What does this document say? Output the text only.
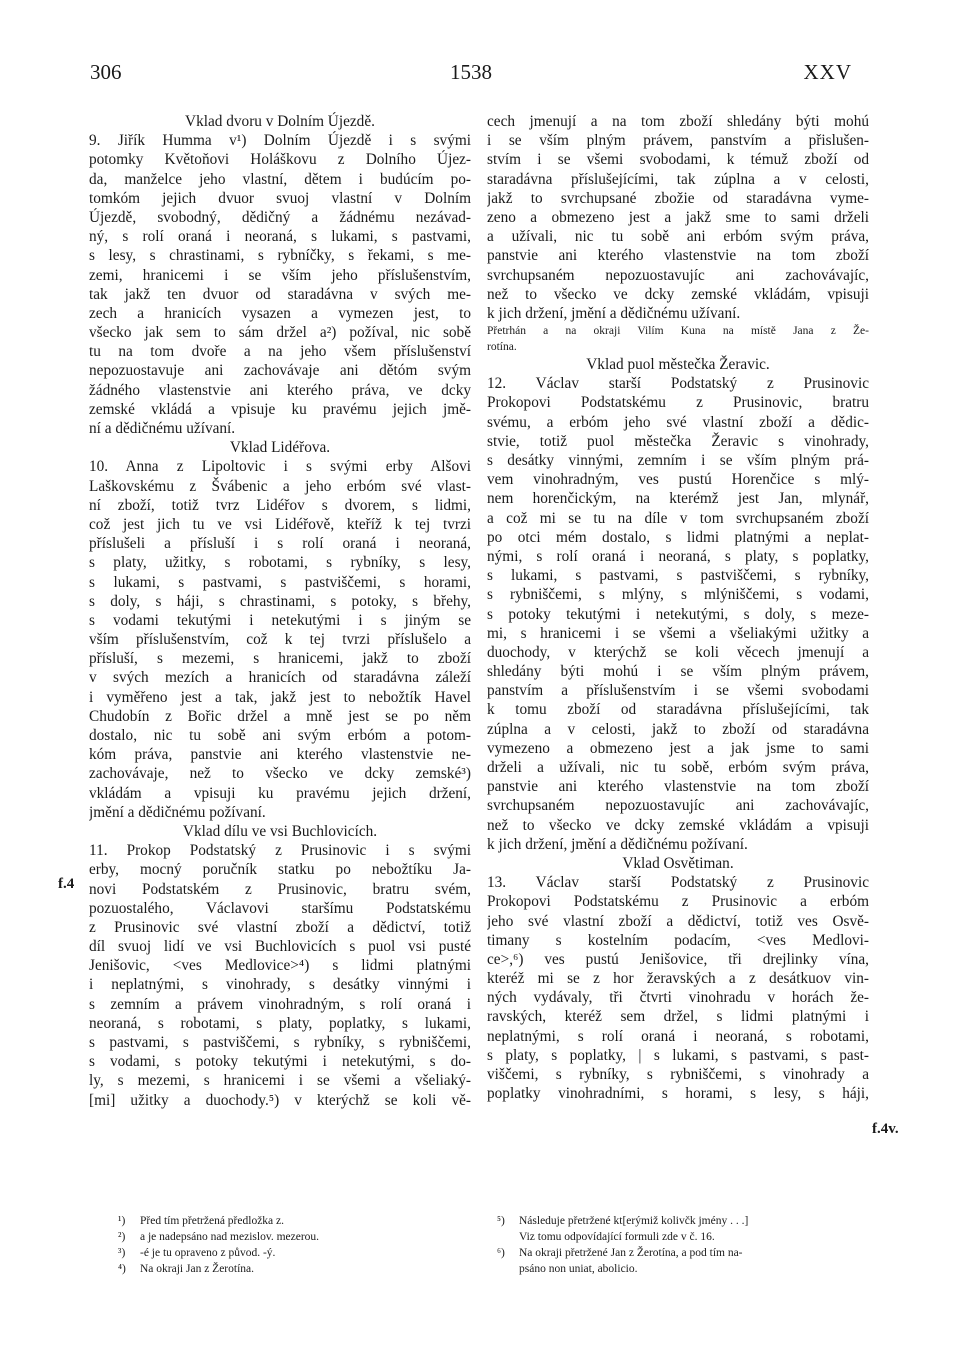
306	1538	XXV
Vklad dvoru v Dolním Újezdě.
9. Jiřík Humma v¹) Dolním Újezdě i s svými
potomky Květoňovi Holáškovu z Dolního Újez-
da, manželce jeho vlastní, dětem i budúcím po-
tomkóm jejich dvuor svuoj vlastní v Dolním
Újezdě, svobodný, dědičný a žádnému nezávad-
ný, s rolí oraná i neoraná, s lukami, s pastvami,
s lesy, s chrastinami, s rybníčky, s řekami, s me-
zemi, hranicemi i se vším jeho příslušenstvím,
tak jakž ten dvuor od staradávna v svých me-
zech a hranicích vysazen a vymezen jest, to
všecko jak sem to sám držel a²) požíval, nic sobě
tu na tom dvoře a na jeho všem příslušenství
nepozuostavuje ani zachovávaje ani dětóm svým
žádného vlastenstvie ani kterého práva, ve dcky
zemské vkládá a vpisuje ku pravému jejich jmě-
ní a dědičnému užívaní.
Vklad Lidéřova.
10. Anna z Lipoltovic i s svými erby Alšovi
Laškovskému z Švábenic a jeho erbóm své vlast-
ní zboží, totiž tvrz Lidéřov s dvorem, s lidmi,
což jest jich tu ve vsi Lidéřově, kteříž k tej tvrzi
příslušeli a přísluší i s rolí oraná i neoraná,
s platy, užitky, s robotami, s rybníky, s lesy,
s lukami, s pastvami, s pastviščemi, s horami,
s doly, s háji, s chrastinami, s potoky, s břehy,
s vodami tekutými i netekutými i s jiným se
vším příslušenstvím, což k tej tvrzi příslušelo a
přísluší, s mezemi, s hranicemi, jakž to zboží
v svých mezích a hranicích od staradávna záleží
i vyměřeno jest a tak, jakž jest to nebožtík Havel
Chudobín z Bořic držel a mně jest se po něm
dostalo, nic tu sobě ani svým erbóm a potom-
kóm práva, panstvie ani kterého vlastenstvie ne-
zachovávaje, než to všecko ve dcky zemské³)
vkládám a vpisuji ku pravému jejich držení,
jmění a dědičnému požívaní.
Vklad dílu ve vsi Buchlovicích.
11. Prokop Podstatský z Prusinovic i s svými
erby, mocný poručník statku po nebožtíku Ja-
novi Podstatském z Prusinovic, bratru svém,
pozuostalého, Václavovi staršímu Podstatskému
z Prusinovic své vlastní zboží a dědictví, totiž
díl svuoj lidí ve vsi Buchlovicích s puol vsi pusté
Jenišovic, <ves Medlovice>⁴) s lidmi platnými
i neplatnými, s vinohrady, s desátky vinnými i
s zemním a právem vinohradným, s rolí oraná i
neoraná, s robotami, s platy, poplatky, s lukami,
s pastvami, s pastviščemi, s rybníky, s rybniščemi,
s vodami, s potoky tekutými i netekutými, s do-
ly, s mezemi, s hranicemi i se všemi a všeliaký-
[mi] užitky a duochody.⁵) v kterýchž se koli vě-
cech jmenují a na tom zboží shledány býti mohú
i se vším plným právem, panstvím a přislušen-
stvím i se všemi svobodami, k témuž zboží od
staradávna příslušejícími, tak zúplna a v celosti,
jakž to svrchupsané zbožie od staradávna vyme-
zeno a obmezeno jest a jakž sme to sami drželi
a užívali, nic tu sobě ani erbóm svým práva,
panstvie ani kterého vlastenstvie na tom zboží
svrchupsaném nepozuostavujíc ani zachovávajíc,
než to všecko ve dcky zemské vkládám, vpisuji
k jich držení, jmění a dědičnému užívaní.
Přetrhán a na okraji Vilím Kuna na místě Jana z Že-
rotína.
Vklad puol městečka Žeravic.
12. Václav starší Podstatský z Prusinovic
Prokopovi Podstatskému z Prusinovic, bratru
svému, a erbóm jeho své vlastní zboží a dědic-
stvie, totiž puol městečka Žeravic s vinohrady,
s desátky vinnými, zemním i se vším plným prá-
vem vinohradným, ves pustú Horenčice s mlý-
nem horenčickým, na kterémž jest Jan, mlynář,
a což mi se tu na díle v tom svrchupsaném zboží
po otci mém dostalo, s lidmi platnými a neplat-
nými, s rolí oraná i neoraná, s platy, s poplatky,
s lukami, s pastvami, s pastviščemi, s rybníky,
s rybniščemi, s mlýny, s mlýniščemi, s vodami,
s potoky tekutými i netekutými, s doly, s meze-
mi, s hranicemi i se všemi a všeliakými užitky a
duochody, v kterýchž se koli věcech jmenují a
shledány býti mohú i se vším plným právem,
panstvím a příslušenstvím i se všemi svobodami
k tomu zboží od staradávna příslušejícími, tak
zúplna a v celosti, jakž to zboží od staradávna
vymezeno a obmezeno jest a jak jsme to sami
drželi a užívali, nic tu sobě, erbóm svým práva,
panstvie ani kterého vlastenstvie na tom zboží
svrchupsaném nepozuostavujíc ani zachovávajíc,
než to všecko ve dcky zemské vkládám a vpisuji
k jich držení, jmění a dědičnému požívaní.
Vklad Osvětiman.
13. Václav starší Podstatský z Prusinovic
Prokopovi Podstatskému z Prusinovic a erbóm
jeho své vlastní zboží a dědictví, totiž ves Osvě-
timany s kostelním podacím, <ves Medlovi-
ce>,⁶) ves pustú Jenišovice, tři drejlinky vína,
kteréž mi se z hor žeravských a z desátkuov vin-
ných vydávaly, tři čtvrti vinohradu v horách že-
ravských, kteréž sem držel, s lidmi platnými i
neplatnými, s rolí oraná i neoraná, s robotami,
s platy, s poplatky, | s lukami, s pastvami, s past-
viščemi, s rybníky, s rybniščemi, s vinohrady a
poplatky vinohradními, s horami, s lesy, s háji,
f.4
f.4v.
¹) Před tím přetržená předložka z.
²) a je nadepsáno nad mezislov. mezerou.
³) -é je tu opraveno z původ. -ý.
⁴) Na okraji Jan z Žerotína.
⁵) Následuje přetržené kt[erýmiž kolivčk jmény . . .]
Viz tomu odpovídající formuli zde v č. 16.
⁶) Na okraji přetržené Jan z Žerotína, a pod tím na-
psáno non uniat, abolicio.
